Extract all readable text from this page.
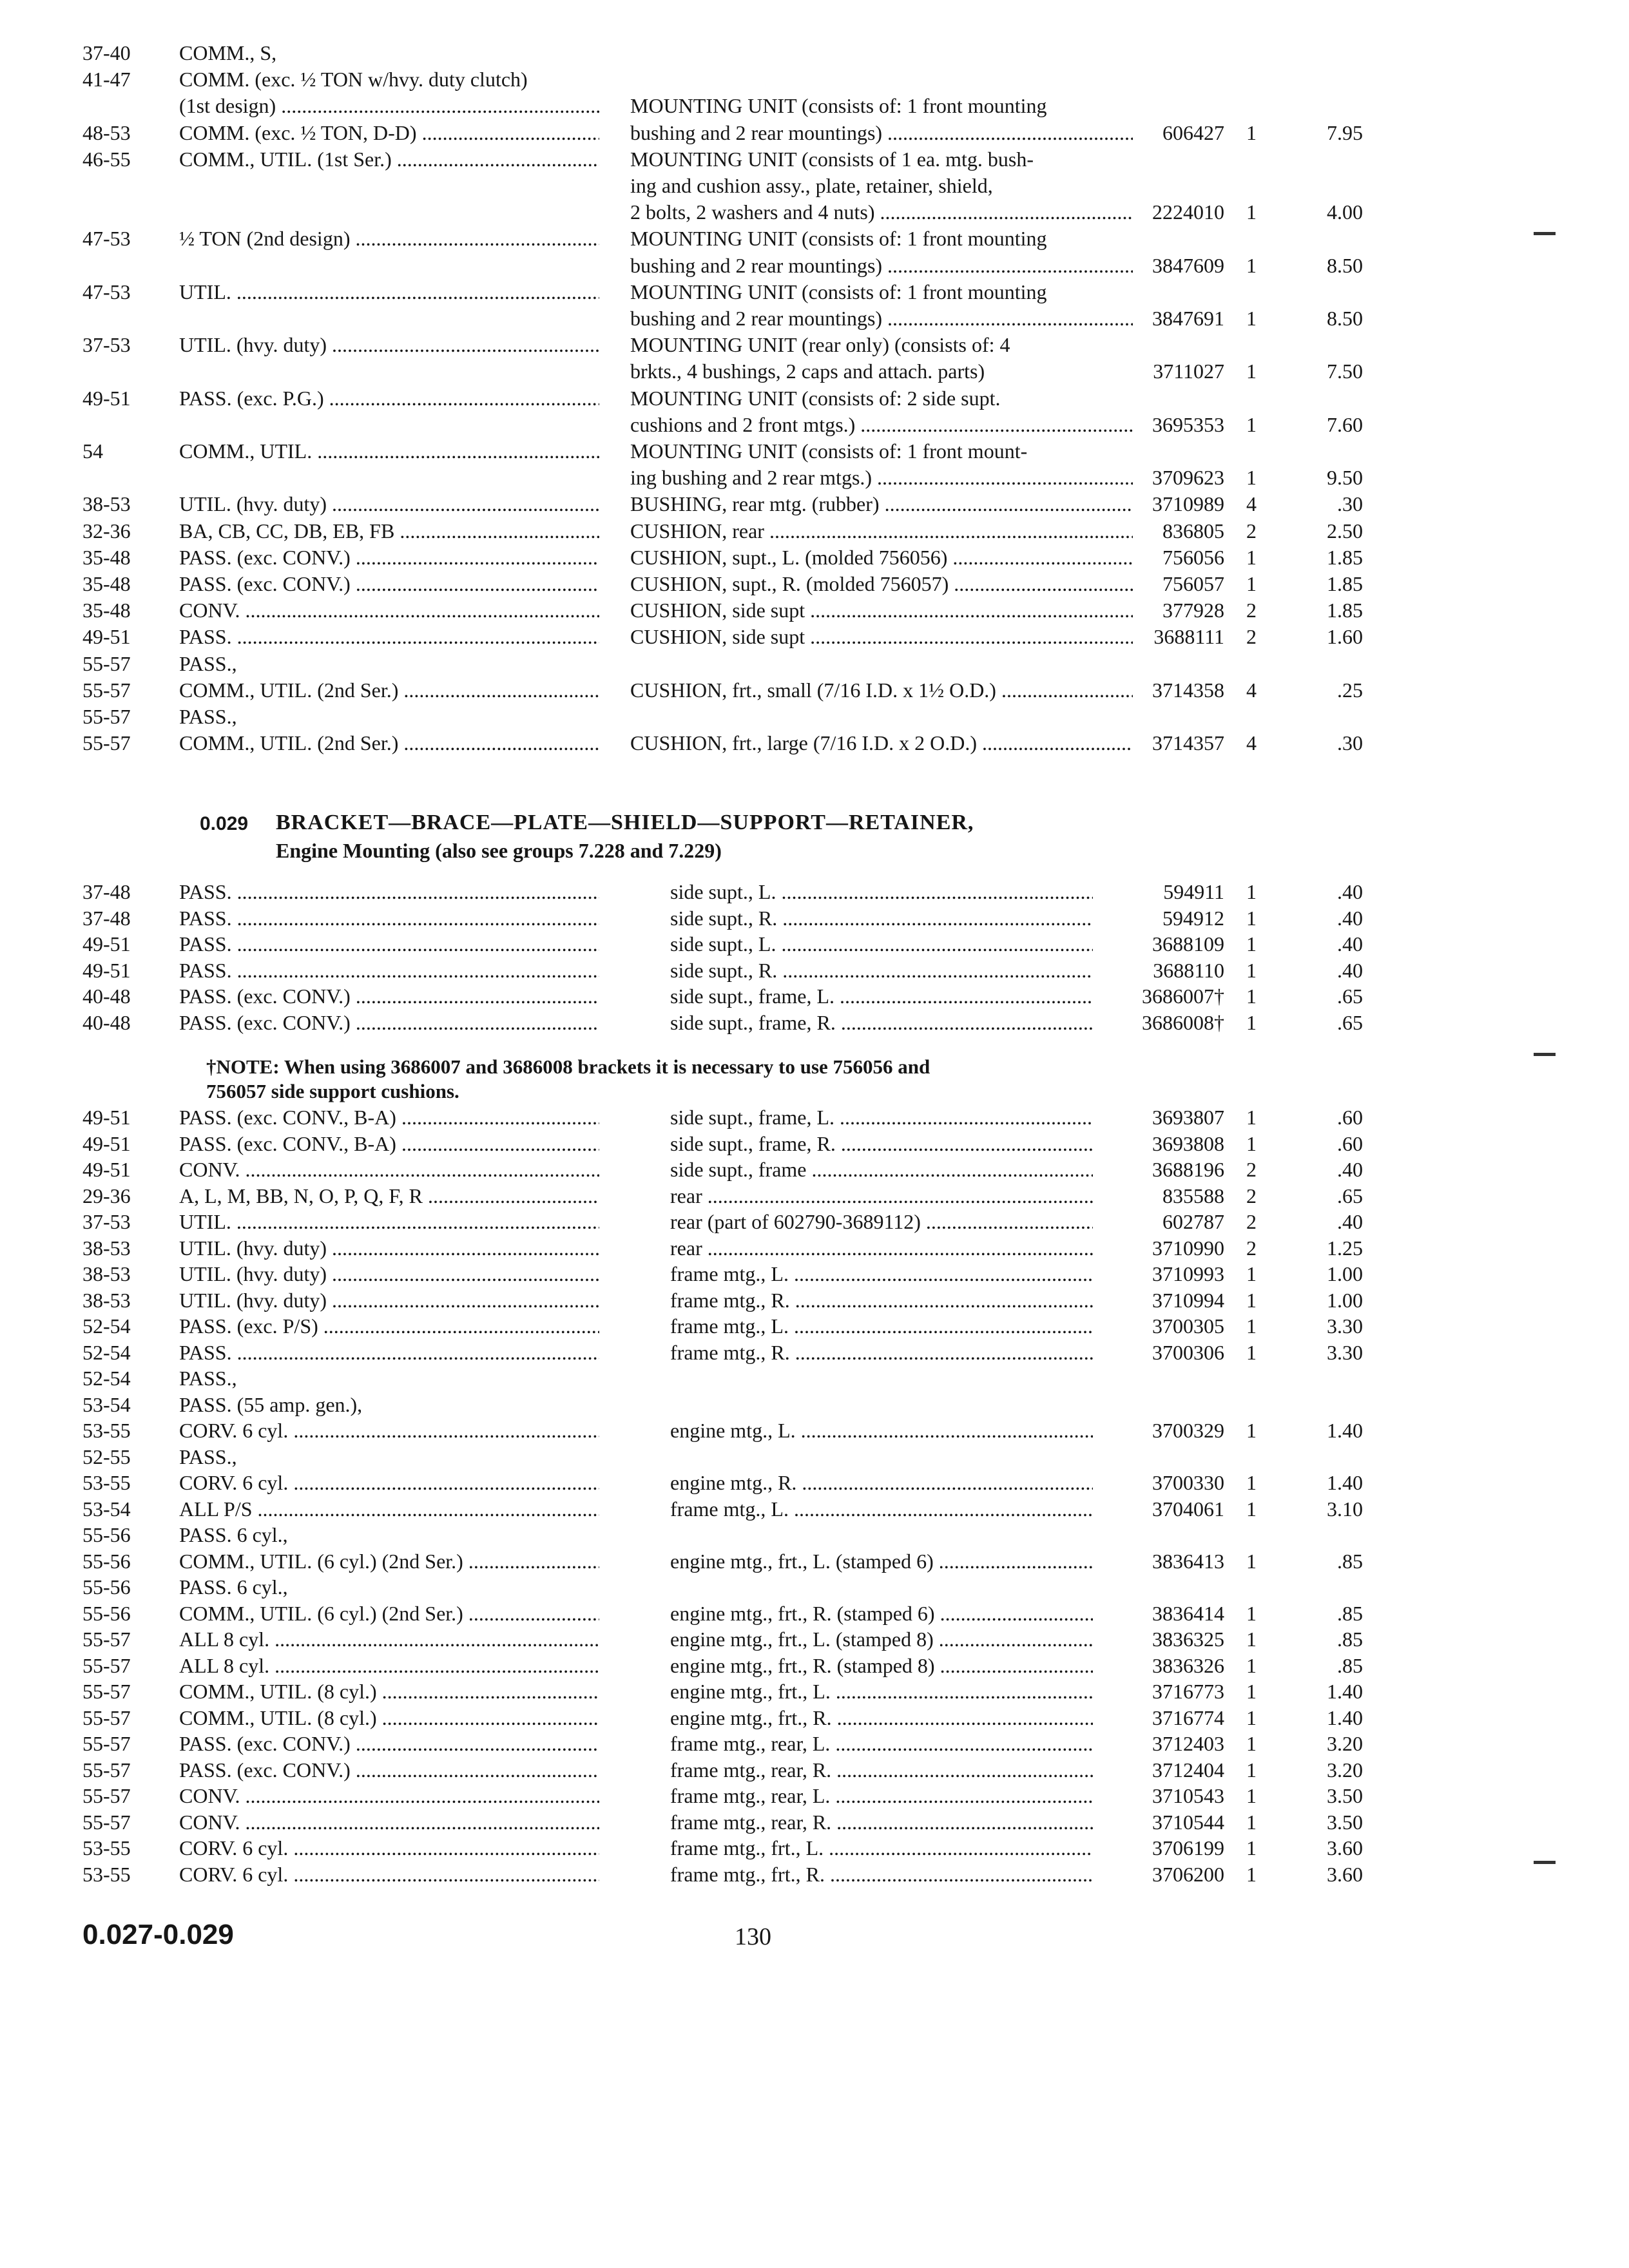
37-40 COMM., S,
41-47 COMM. (exc. ½ TON w/hvy. duty clutch)
(1st design) .....	MOUNTING UNIT (consists of: 1 front mounting
48-53 COMM. (exc. ½ TON, D-D) .....	bushing and 2 rear mountings) .....	606427	1	7.95
46-55 COMM., UTIL. (1st Ser.) .....	MOUNTING UNIT (consists of 1 ea. mtg. bush-
ing and cushion assy., plate, retainer, shield,
2 bolts, 2 washers and 4 nuts) .....	2224010	1	4.00
47-53 ½ TON (2nd design) .....	MOUNTING UNIT (consists of: 1 front mounting
bushing and 2 rear mountings) .....	3847609	1	8.50
47-53 UTIL. .....	MOUNTING UNIT (consists of: 1 front mounting
bushing and 2 rear mountings) .....	3847691	1	8.50
37-53 UTIL. (hvy. duty) .....	MOUNTING UNIT (rear only) (consists of: 4
brkts., 4 bushings, 2 caps and attach. parts)	3711027	1	7.50
49-51 PASS. (exc. P.G.) .....	MOUNTING UNIT (consists of: 2 side supt.
cushions and 2 front mtgs.) .....	3695353	1	7.60
54	COMM., UTIL. .....	MOUNTING UNIT (consists of: 1 front mount-
ing bushing and 2 rear mtgs.) .....	3709623	1	9.50
38-53 UTIL. (hvy. duty) .....	BUSHING, rear mtg. (rubber) .....	3710989	4	.30
32-36 BA, CB, CC, DB, EB, FB .....	CUSHION, rear .....	836805	2	2.50
35-48 PASS. (exc. CONV.) .....	CUSHION, supt., L. (molded 756056) .....	756056	1	1.85
35-48 PASS. (exc. CONV.) .....	CUSHION, supt., R. (molded 756057) .....	756057	1	1.85
35-48 CONV. .....	CUSHION, side supt .....	377928	2	1.85
49-51 PASS. .....	CUSHION, side supt .....	3688111	2	1.60
55-57 PASS.,
55-57 COMM., UTIL. (2nd Ser.) .....	CUSHION, frt., small (7/16 I.D. x 1½ O.D.) .....	3714358	4	.25
55-57 PASS.,
55-57 COMM., UTIL. (2nd Ser.) .....	CUSHION, frt., large (7/16 I.D. x 2 O.D.) .....	3714357	4	.30
37-48 PASS. .....	side supt., L. .....	594911	1	.40
37-48 PASS. .....	side supt., R. .....	594912	1	.40
49-51 PASS. .....	side supt., L. .....	3688109	1	.40
49-51 PASS. .....	side supt., R. .....	3688110	1	.40
40-48 PASS. (exc. CONV.) .....	side supt., frame, L. .....	3686007†	1	.65
40-48 PASS. (exc. CONV.) .....	side supt., frame, R. .....	3686008†	1	.65
49-51 PASS. (exc. CONV., B-A) .....	side supt., frame, L. .....	3693807	1	.60
49-51 PASS. (exc. CONV., B-A) .....	side supt., frame, R. .....	3693808	1	.60
49-51 CONV. .....	side supt., frame .....	3688196	2	.40
29-36 A, L, M, BB, N, O, P, Q, F, R .....	rear .....	835588	2	.65
37-53 UTIL. .....	rear (part of 602790-3689112) .....	602787	2	.40
38-53 UTIL. (hvy. duty) .....	rear .....	3710990	2	1.25
38-53 UTIL. (hvy. duty) .....	frame mtg., L. .....	3710993	1	1.00
38-53 UTIL. (hvy. duty) .....	frame mtg., R. .....	3710994	1	1.00
52-54 PASS. (exc. P/S) .....	frame mtg., L. .....	3700305	1	3.30
52-54 PASS. .....	frame mtg., R. .....	3700306	1	3.30
52-54 PASS.,
53-54 PASS. (55 amp. gen.),
53-55 CORV. 6 cyl. .....	engine mtg., L. .....	3700329	1	1.40
52-55 PASS.,
53-55 CORV. 6 cyl. .....	engine mtg., R. .....	3700330	1	1.40
53-54 ALL P/S .....	frame mtg., L. .....	3704061	1	3.10
55-56 PASS. 6 cyl.,
55-56 COMM., UTIL. (6 cyl.) (2nd Ser.) .....	engine mtg., frt., L. (stamped 6) .....	3836413	1	.85
55-56 PASS. 6 cyl.,
55-56 COMM., UTIL. (6 cyl.) (2nd Ser.) .....	engine mtg., frt., R. (stamped 6) .....	3836414	1	.85
55-57 ALL 8 cyl. .....	engine mtg., frt., L. (stamped 8) .....	3836325	1	.85
55-57 ALL 8 cyl. .....	engine mtg., frt., R. (stamped 8) .....	3836326	1	.85
55-57 COMM., UTIL. (8 cyl.) .....	engine mtg., frt., L. .....	3716773	1	1.40
55-57 COMM., UTIL. (8 cyl.) .....	engine mtg., frt., R. .....	3716774	1	1.40
55-57 PASS. (exc. CONV.) .....	frame mtg., rear, L. .....	3712403	1	3.20
55-57 PASS. (exc. CONV.) .....	frame mtg., rear, R. .....	3712404	1	3.20
55-57 CONV. .....	frame mtg., rear, L. .....	3710543	1	3.50
55-57 CONV. .....	frame mtg., rear, R. .....	3710544	1	3.50
53-55 CORV. 6 cyl. .....	frame mtg., frt., L. .....	3706199	1	3.60
53-55 CORV. 6 cyl. .....	frame mtg., frt., R. .....	3706200	1	3.60
0.029 BRACKET—BRACE—PLATE—SHIELD—SUPPORT—RETAINER,
Engine Mounting (also see groups 7.228 and 7.229)
†NOTE: When using 3686007 and 3686008 brackets it is necessary to use 756056 and
756057 side support cushions.
0.027-0.029	130
